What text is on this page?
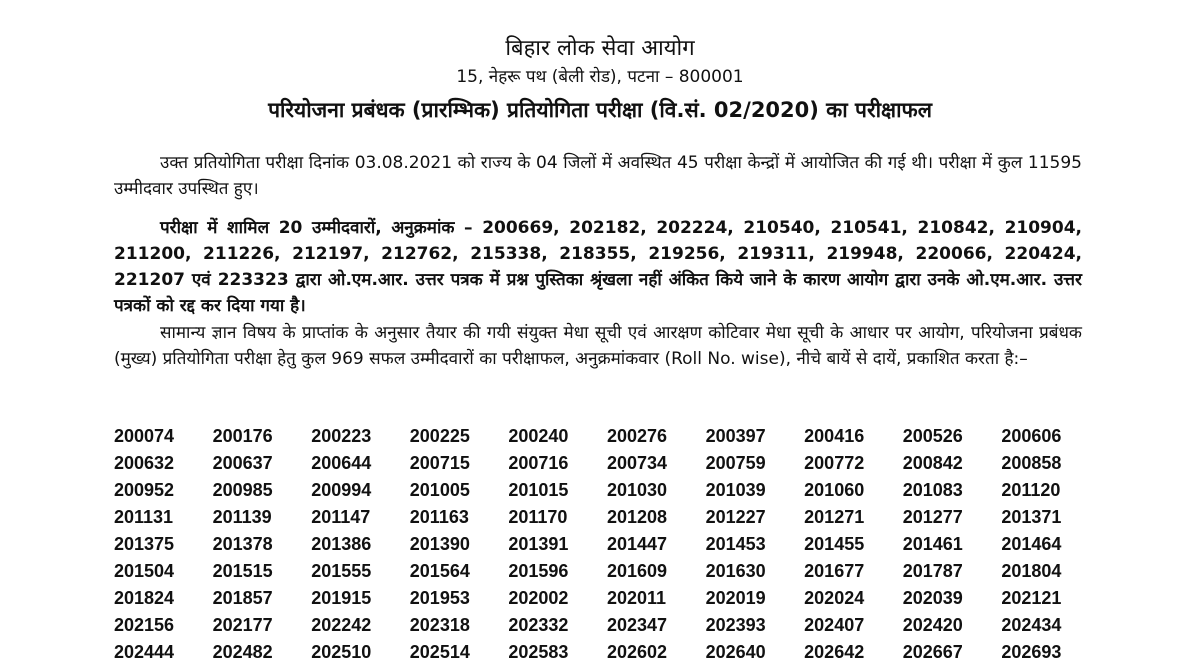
बिहार लोक सेवा आयोग
15, नेहरू पथ (बेली रोड), पटना – 800001
परियोजना प्रबंधक (प्रारम्भिक) प्रतियोगिता परीक्षा (वि.सं. 02/2020) का परीक्षाफल
उक्त प्रतियोगिता परीक्षा दिनांक 03.08.2021 को राज्य के 04 जिलों में अवस्थित 45 परीक्षा केन्द्रों में आयोजित की गई थी। परीक्षा में कुल 11595 उम्मीदवार उपस्थित हुए।
परीक्षा में शामिल 20 उम्मीदवारों, अनुक्रमांक – 200669, 202182, 202224, 210540, 210541, 210842, 210904, 211200, 211226, 212197, 212762, 215338, 218355, 219256, 219311, 219948, 220066, 220424, 221207 एवं 223323 द्वारा ओ.एम.आर. उत्तर पत्रक में प्रश्न पुस्तिका श्रृंखला नहीं अंकित किये जाने के कारण आयोग द्वारा उनके ओ.एम.आर. उत्तर पत्रकों को रद्द कर दिया गया है।
सामान्य ज्ञान विषय के प्राप्तांक के अनुसार तैयार की गयी संयुक्त मेधा सूची एवं आरक्षण कोटिवार मेधा सूची के आधार पर आयोग, परियोजना प्रबंधक (मुख्य) प्रतियोगिता परीक्षा हेतु कुल 969 सफल उम्मीदवारों का परीक्षाफल, अनुक्रमांकवार (Roll No. wise), नीचे बायें से दायें, प्रकाशित करता है:–
200074	200176	200223	200225	200240	200276	200397	200416	200526	200606
200632	200637	200644	200715	200716	200734	200759	200772	200842	200858
200952	200985	200994	201005	201015	201030	201039	201060	201083	201120
201131	201139	201147	201163	201170	201208	201227	201271	201277	201371
201375	201378	201386	201390	201391	201447	201453	201455	201461	201464
201504	201515	201555	201564	201596	201609	201630	201677	201787	201804
201824	201857	201915	201953	202002	202011	202019	202024	202039	202121
202156	202177	202242	202318	202332	202347	202393	202407	202420	202434
202444	202482	202510	202514	202583	202602	202640	202642	202667	202693
